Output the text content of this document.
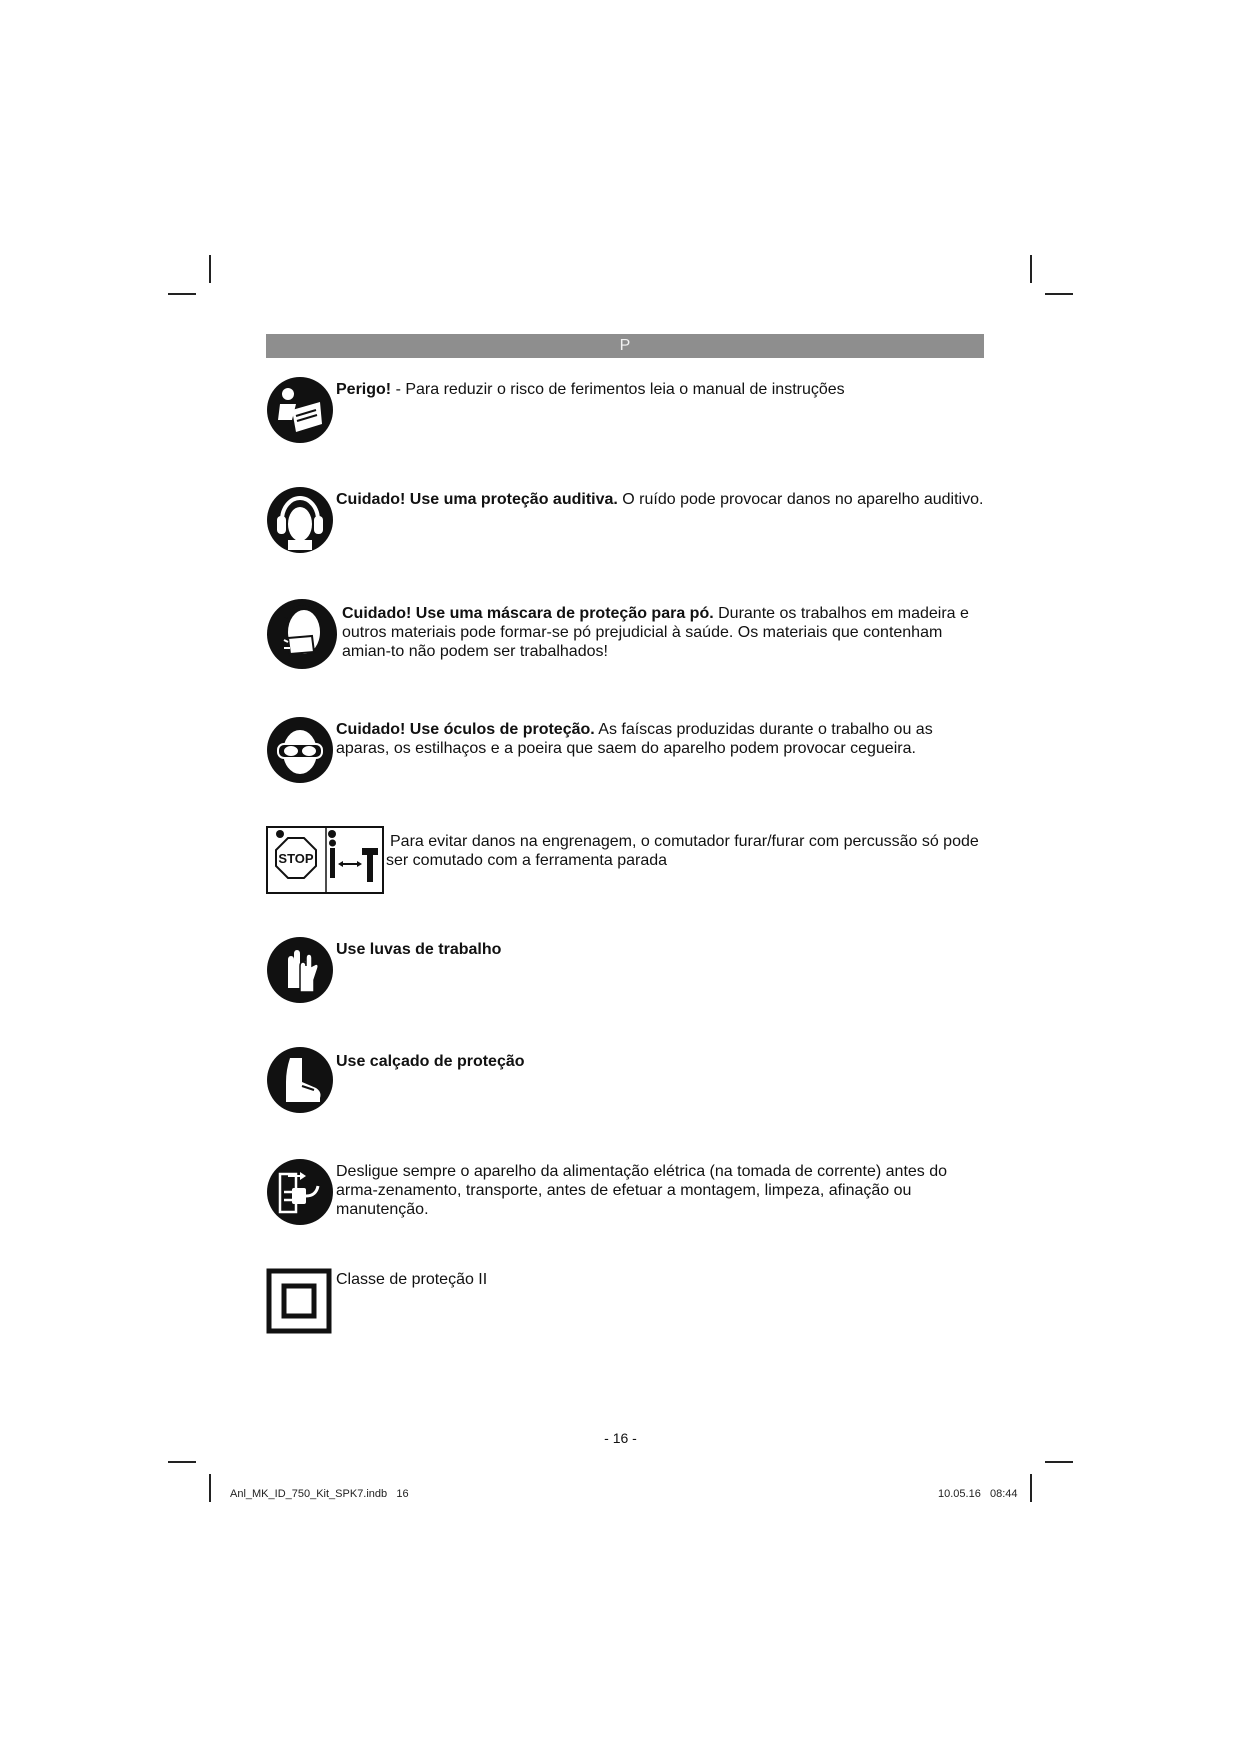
P
Perigo! - Para reduzir o risco de ferimentos leia o manual de instruções
Cuidado! Use uma proteção auditiva. O ruído pode provocar danos no aparelho auditivo.
Cuidado! Use uma máscara de proteção para pó. Durante os trabalhos em madeira e outros materiais pode formar-se pó prejudicial à saúde. Os materiais que contenham amian-to não podem ser trabalhados!
Cuidado! Use óculos de proteção. As faíscas produzidas durante o trabalho ou as aparas, os estilhaços e a poeira que saem do aparelho podem provocar cegueira.
STOP
Para evitar danos na engrenagem, o comutador furar/furar com percussão só pode ser comutado com a ferramenta parada
Use luvas de trabalho
Use calçado de proteção
Desligue sempre o aparelho da alimentação elétrica (na tomada de corrente) antes do arma-zenamento, transporte, antes de efetuar a montagem, limpeza, afinação ou manutenção.
Classe de proteção II
- 16 -
Anl_MK_ID_750_Kit_SPK7.indb   16	10.05.16   08:44
